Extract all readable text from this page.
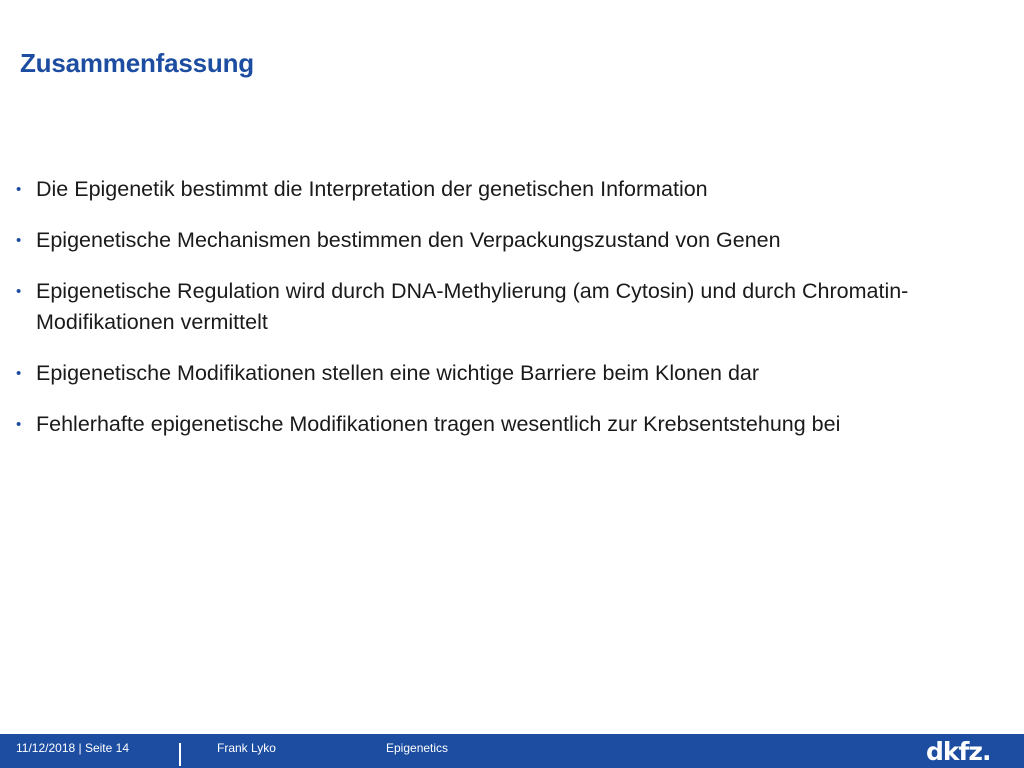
Zusammenfassung
• Die Epigenetik bestimmt die Interpretation der genetischen Information
• Epigenetische Mechanismen bestimmen den Verpackungszustand von Genen
• Epigenetische Regulation wird durch DNA-Methylierung (am Cytosin) und durch Chromatin-Modifikationen vermittelt
• Epigenetische Modifikationen stellen eine wichtige Barriere beim Klonen dar
• Fehlerhafte epigenetische Modifikationen tragen wesentlich zur Krebsentstehung bei
11/12/2018 | Seite 14	Frank Lyko	Epigenetics	dkfz.
